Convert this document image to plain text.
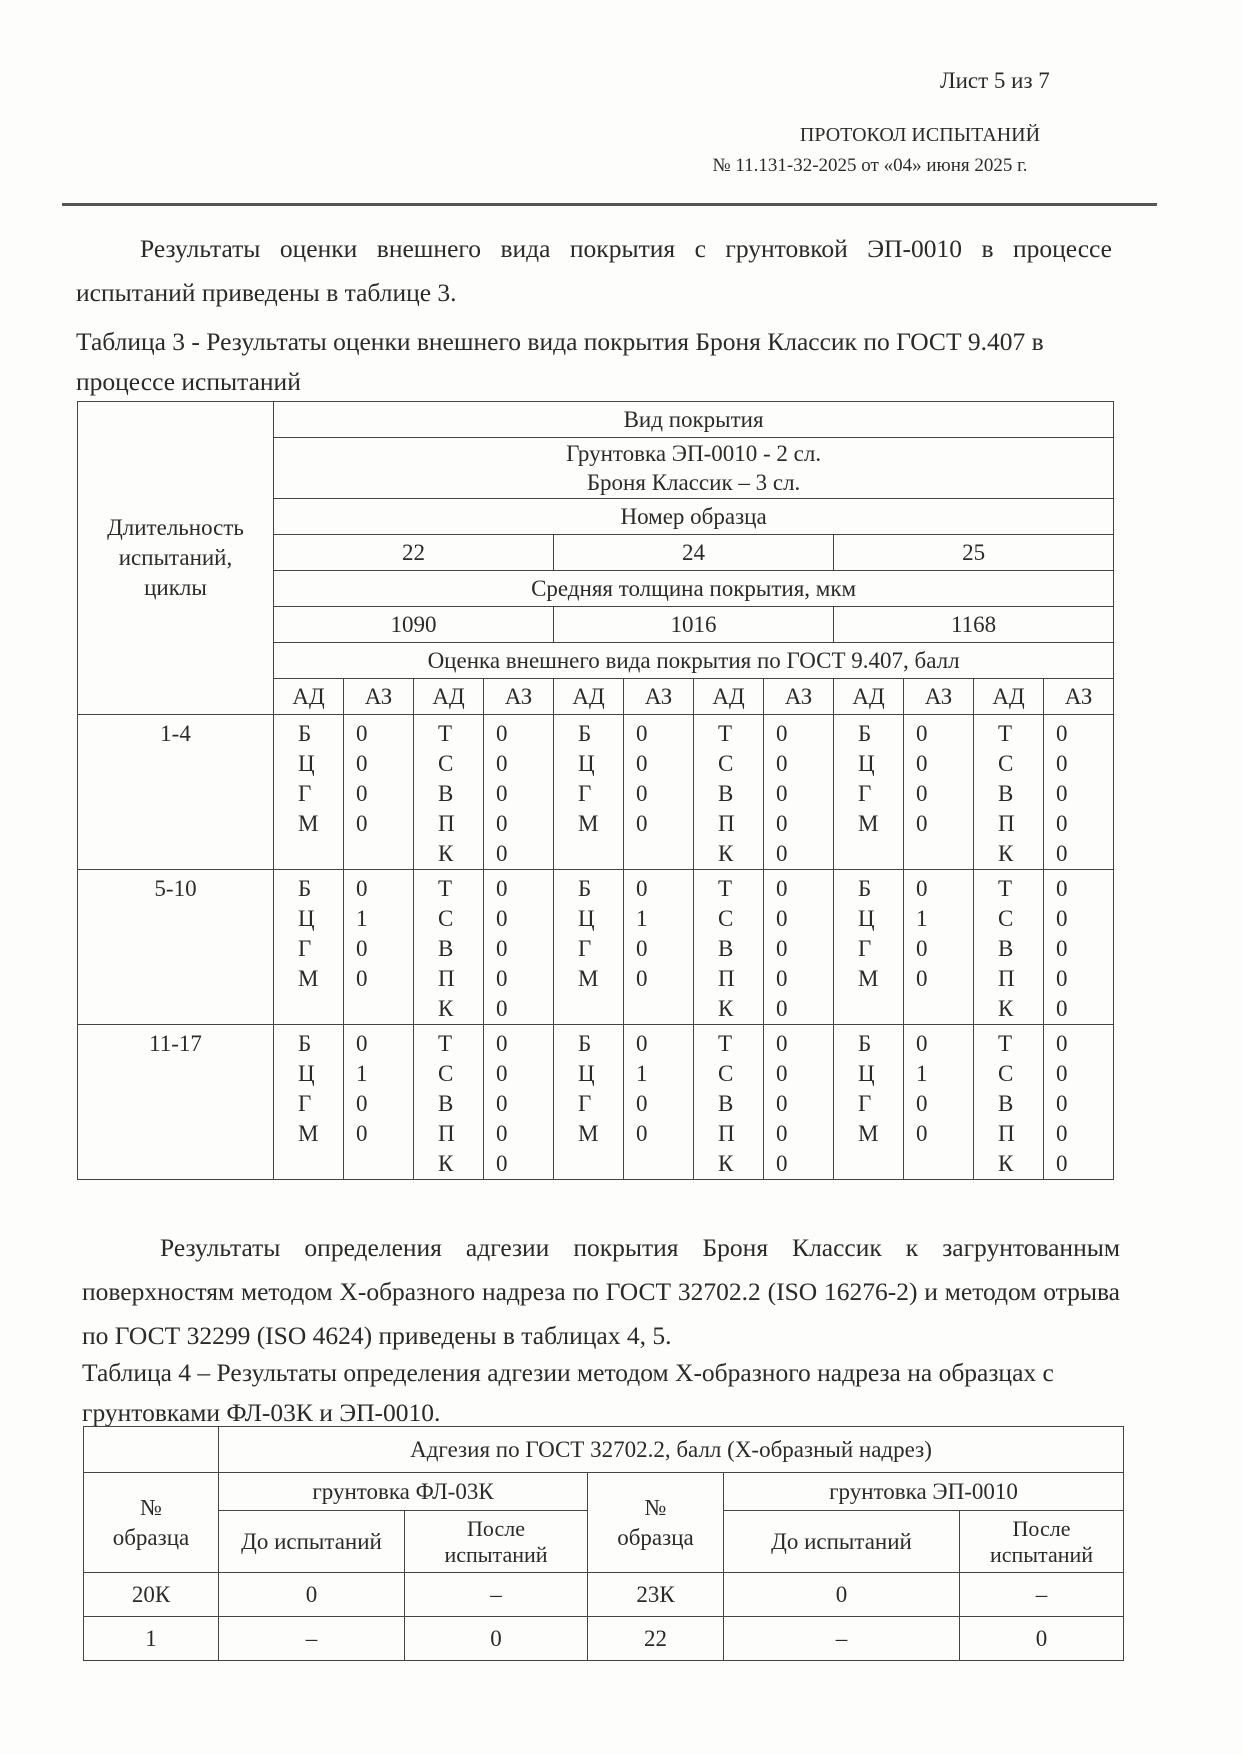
Лист 5 из 7
ПРОТОКОЛ ИСПЫТАНИЙ
№ 11.131-32-2025 от «04» июня 2025 г.
Результаты оценки внешнего вида покрытия с грунтовкой ЭП-0010 в процессе испытаний приведены в таблице 3.
Таблица 3 - Результаты оценки внешнего вида покрытия Броня Классик по ГОСТ 9.407 в процессе испытаний
Длительность испытаний, циклы	Вид покрытия											

	Грунтовка ЭП-0010 - 2 сл.
Броня Классик – 3 сл.											

	Номер образца											
	22				24				25			
	Средняя толщина покрытия, мкм											
	1090				1016				1168			
	Оценка внешнего вида покрытия по ГОСТ 9.407, балл											
	АД	АЗ	АД	АЗ	АД	АЗ	АД	АЗ	АД	АЗ	АД	АЗ
1-4	Б
Ц
Г
М	0
0
0
0	Т
С
В
П
К	0
0
0
0
0	Б
Ц
Г
М	0
0
0
0	Т
С
В
П
К	0
0
0
0
0	Б
Ц
Г
М	0
0
0
0	Т
С
В
П
К	0
0
0
0
0

5-10	Б
Ц
Г
М	0
1
0
0	Т
С
В
П
К	0
0
0
0
0	Б
Ц
Г
М	0
1
0
0	Т
С
В
П
К	0
0
0
0
0	Б
Ц
Г
М	0
1
0
0	Т
С
В
П
К	0
0
0
0
0

11-17	Б
Ц
Г
М	0
1
0
0	Т
С
В
П
К	0
0
0
0
0	Б
Ц
Г
М	0
1
0
0	Т
С
В
П
К	0
0
0
0
0	Б
Ц
Г
М	0
1
0
0	Т
С
В
П
К	0
0
0
0
0
Результаты определения адгезии покрытия Броня Классик к загрунтованным поверхностям методом Х-образного надреза по ГОСТ 32702.2 (ISO 16276-2) и методом отрыва по ГОСТ 32299 (ISO 4624) приведены в таблицах 4, 5.
Таблица 4 – Результаты определения адгезии методом Х-образного надреза на образцах с грунтовками ФЛ-03К и ЭП-0010.
	Адгезия по ГОСТ 32702.2, балл (Х-образный надрез)				

№
образца	грунтовка ФЛ-03К		№
образца	грунтовка ЭП-0010	
	До испытаний	После испытаний		До испытаний	После испытаний
20К	0	–	23К	0	–
1	–	0	22	–	0
